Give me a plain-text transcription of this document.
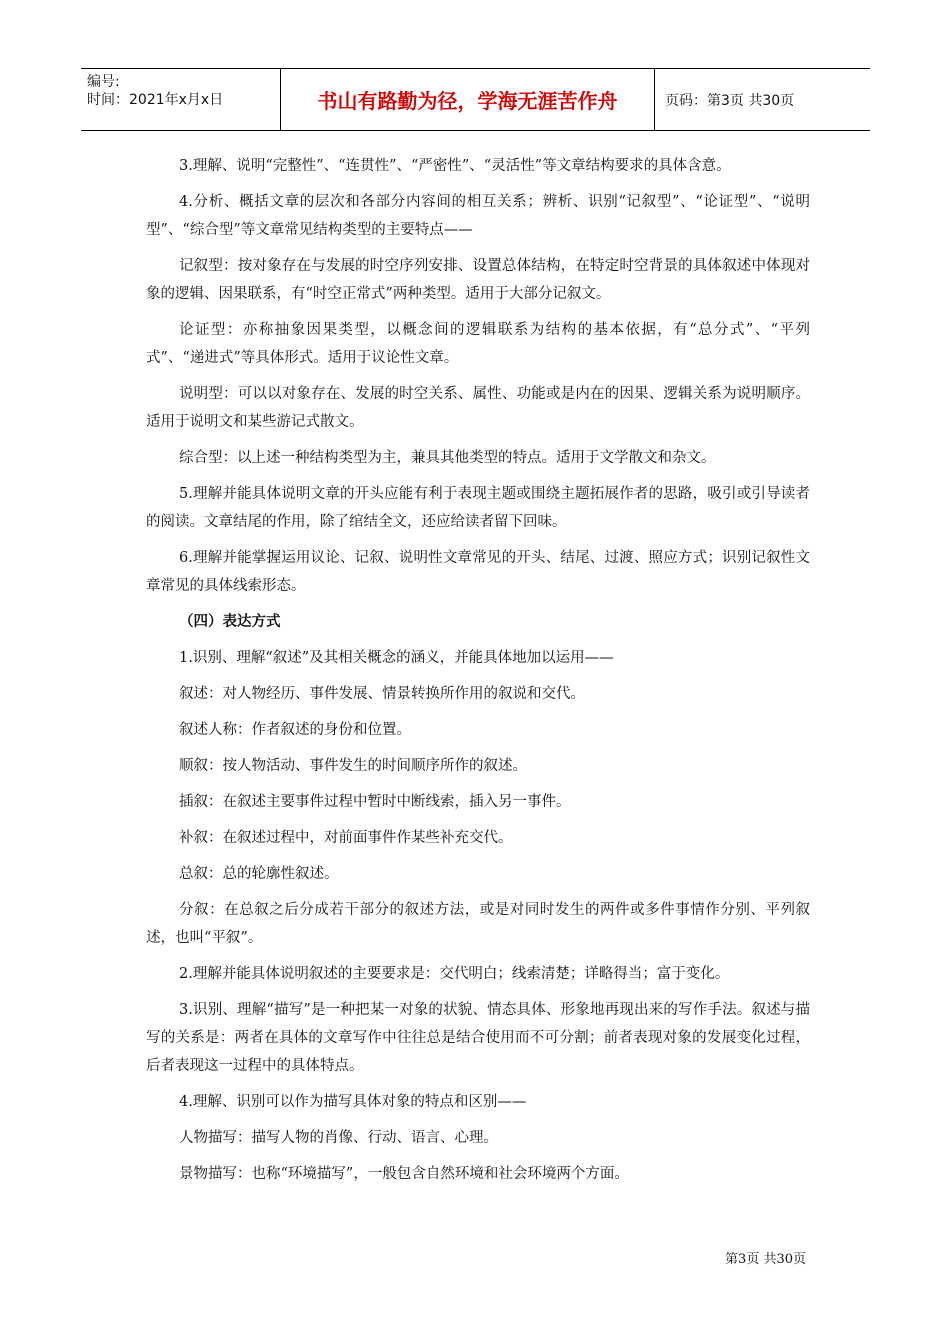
编号:
时间：2021年x月x日	书山有路勤为径，学海无涯苦作舟	页码：第3页 共30页

3.理解、说明“完整性”、“连贯性”、“严密性”、“灵活性”等文章结构要求的具体含意。

4.分析、概括文章的层次和各部分内容间的相互关系；辨析、识别“记叙型”、“论证型”、“说明型”、“综合型”等文章常见结构类型的主要特点——

记叙型：按对象存在与发展的时空序列安排、设置总体结构，在特定时空背景的具体叙述中体现对象的逻辑、因果联系，有“时空正常式”两种类型。适用于大部分记叙文。

论证型：亦称抽象因果类型，以概念间的逻辑联系为结构的基本依据，有“总分式”、“平列式”、“递进式”等具体形式。适用于议论性文章。

说明型：可以以对象存在、发展的时空关系、属性、功能或是内在的因果、逻辑关系为说明顺序。适用于说明文和某些游记式散文。

综合型：以上述一种结构类型为主，兼具其他类型的特点。适用于文学散文和杂文。

5.理解并能具体说明文章的开头应能有利于表现主题或围绕主题拓展作者的思路，吸引或引导读者的阅读。文章结尾的作用，除了绾结全文，还应给读者留下回味。

6.理解并能掌握运用议论、记叙、说明性文章常见的开头、结尾、过渡、照应方式；识别记叙性文章常见的具体线索形态。

（四）表达方式

1.识别、理解“叙述”及其相关概念的涵义，并能具体地加以运用——

叙述：对人物经历、事件发展、情景转换所作用的叙说和交代。

叙述人称：作者叙述的身份和位置。

顺叙：按人物活动、事件发生的时间顺序所作的叙述。

插叙：在叙述主要事件过程中暂时中断线索，插入另一事件。

补叙：在叙述过程中，对前面事件作某些补充交代。

总叙：总的轮廓性叙述。

分叙：在总叙之后分成若干部分的叙述方法，或是对同时发生的两件或多件事情作分别、平列叙述，也叫“平叙”。

2.理解并能具体说明叙述的主要要求是：交代明白；线索清楚；详略得当；富于变化。

3.识别、理解“描写”是一种把某一对象的状貌、情态具体、形象地再现出来的写作手法。叙述与描写的关系是：两者在具体的文章写作中往往总是结合使用而不可分割；前者表现对象的发展变化过程，后者表现这一过程中的具体特点。

4.理解、识别可以作为描写具体对象的特点和区别——

人物描写：描写人物的肖像、行动、语言、心理。

景物描写：也称“环境描写”，一般包含自然环境和社会环境两个方面。

第3页 共30页
